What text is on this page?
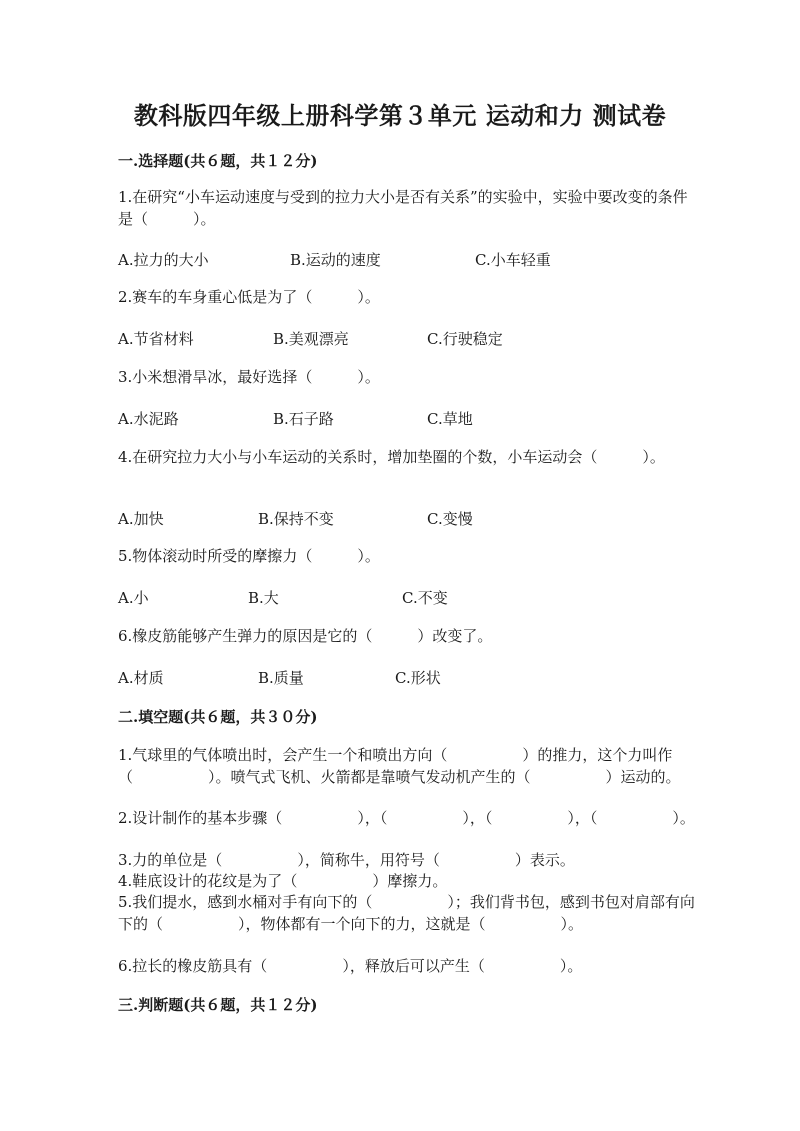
教科版四年级上册科学第３单元 运动和力 测试卷
一.选择题(共６题，共１２分)
1.在研究“小车运动速度与受到的拉力大小是否有关系”的实验中，实验中要改变的条件是（　　　）。
A.拉力的大小	B.运动的速度	C.小车轻重
2.赛车的车身重心低是为了（　　　）。
A.节省材料	B.美观漂亮	C.行驶稳定
3.小米想滑旱冰，最好选择（　　　）。
A.水泥路	B.石子路	C.草地
4.在研究拉力大小与小车运动的关系时，增加垫圈的个数，小车运动会（　　　）。
A.加快	B.保持不变	C.变慢
5.物体滚动时所受的摩擦力（　　　）。
A.小	B.大	C.不变
6.橡皮筋能够产生弹力的原因是它的（　　　）改变了。
A.材质	B.质量	C.形状
二.填空题(共６题，共３０分)
1.气球里的气体喷出时，会产生一个和喷出方向（　　　　　）的推力，这个力叫作（　　　　　）。喷气式飞机、火箭都是靠喷气发动机产生的（　　　　　）运动的。
2.设计制作的基本步骤（　　　　　），（　　　　　），（　　　　　），（　　　　　）。
3.力的单位是（　　　　　），简称牛，用符号（　　　　　）表示。
4.鞋底设计的花纹是为了（　　　　　）摩擦力。
5.我们提水，感到水桶对手有向下的（　　　　　）；我们背书包，感到书包对肩部有向下的（　　　　　），物体都有一个向下的力，这就是（　　　　　）。
6.拉长的橡皮筋具有（　　　　　），释放后可以产生（　　　　　）。
三.判断题(共６题，共１２分)
